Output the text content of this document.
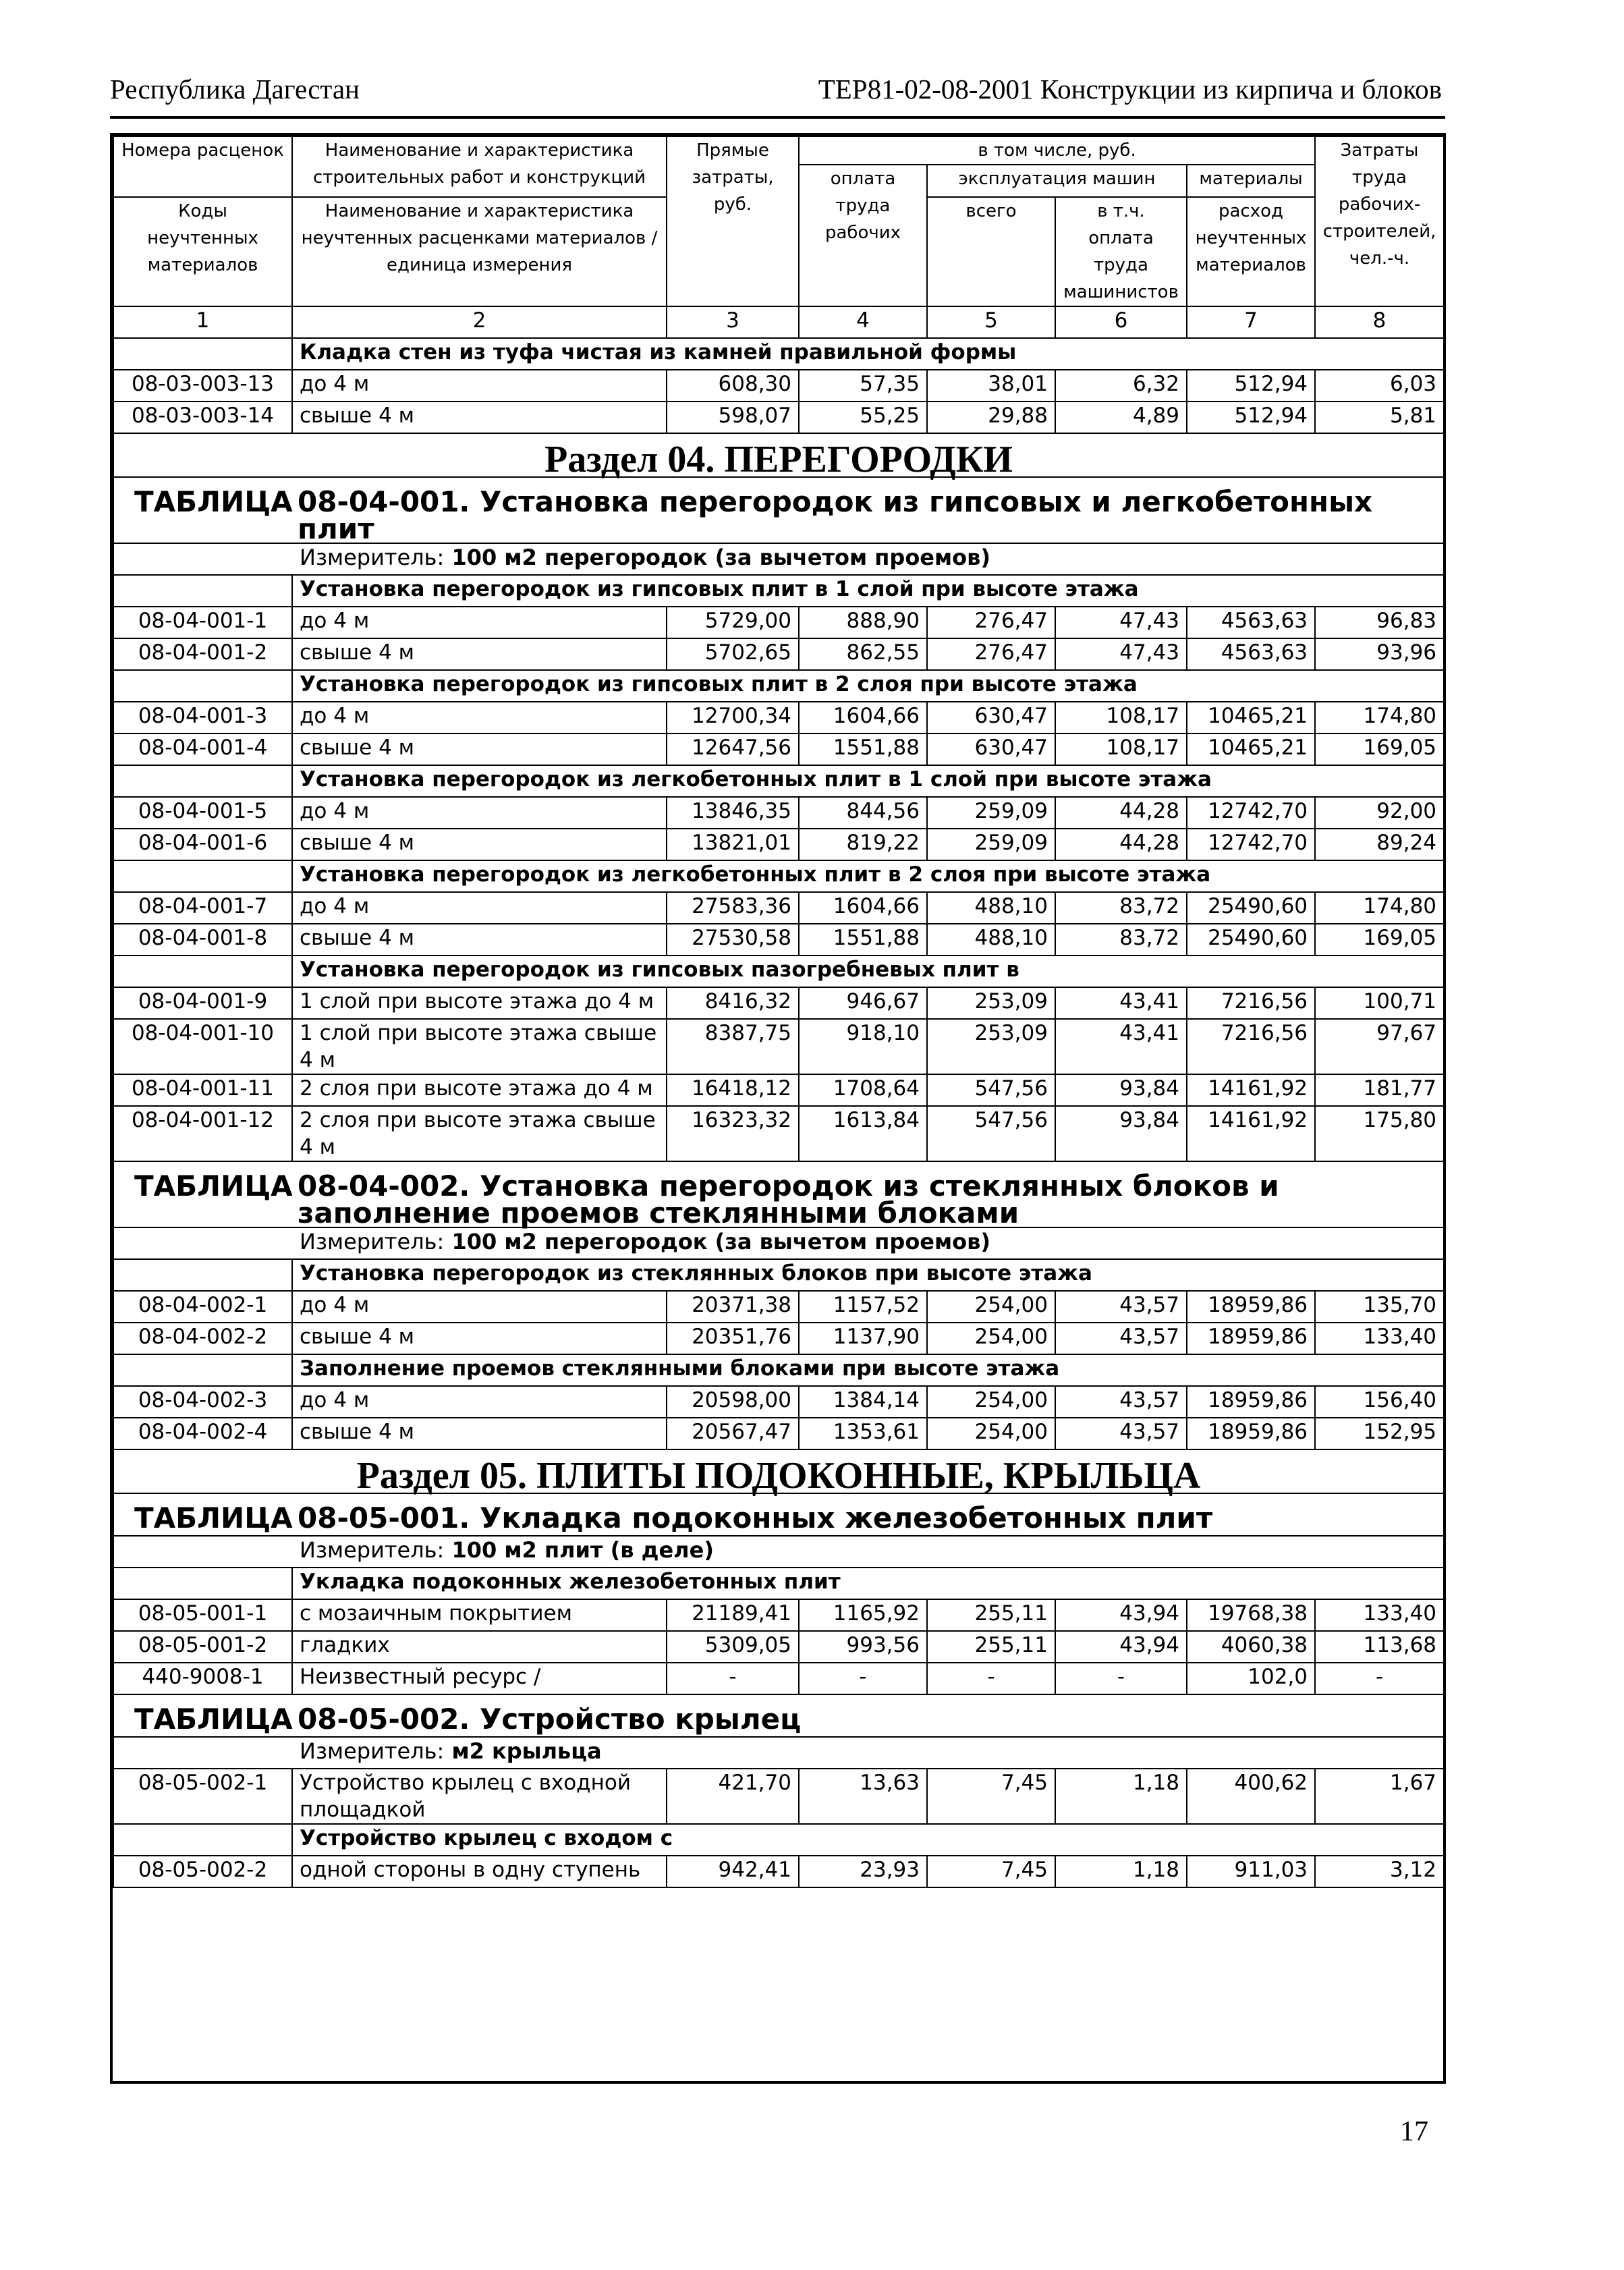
Республика Дагестан	ТЕР81-02-08-2001 Конструкции из кирпича и блоков
Номера расценок	Наименование и характеристика строительных работ и конструкций	Прямые затраты, руб.	в том числе, руб.				Затраты труда рабочих-строителей, чел.-ч.
			оплата труда рабочих	эксплуатация машин		материалы	
Коды неучтенных материалов	Наименование и характеристика неучтенных расценками материалов / единица измерения			всего	в т.ч. оплата труда машинистов	расход неучтенных материалов	

1	2	3	4	5	6	7	8
	Кладка стен из туфа чистая из камней правильной формы						
08-03-003-13	до 4 м	608,30	57,35	38,01	6,32	512,94	6,03
08-03-003-14	свыше 4 м	598,07	55,25	29,88	4,89	512,94	5,81
Раздел 04. ПЕРЕГОРОДКИ							
ТАБЛИЦА 08-04-001. Установка перегородок из гипсовых и легкобетонных плит							
Измеритель: 100 м2 перегородок (за вычетом проемов)							
	Установка перегородок из гипсовых плит в 1 слой при высоте этажа						
08-04-001-1	до 4 м	5729,00	888,90	276,47	47,43	4563,63	96,83
08-04-001-2	свыше 4 м	5702,65	862,55	276,47	47,43	4563,63	93,96
	Установка перегородок из гипсовых плит в 2 слоя при высоте этажа						
08-04-001-3	до 4 м	12700,34	1604,66	630,47	108,17	10465,21	174,80
08-04-001-4	свыше 4 м	12647,56	1551,88	630,47	108,17	10465,21	169,05
	Установка перегородок из легкобетонных плит в 1 слой при высоте этажа						
08-04-001-5	до 4 м	13846,35	844,56	259,09	44,28	12742,70	92,00
08-04-001-6	свыше 4 м	13821,01	819,22	259,09	44,28	12742,70	89,24
	Установка перегородок из легкобетонных плит в 2 слоя при высоте этажа						
08-04-001-7	до 4 м	27583,36	1604,66	488,10	83,72	25490,60	174,80
08-04-001-8	свыше 4 м	27530,58	1551,88	488,10	83,72	25490,60	169,05
	Установка перегородок из гипсовых пазогребневых плит в						
08-04-001-9	1 слой при высоте этажа до 4 м	8416,32	946,67	253,09	43,41	7216,56	100,71
08-04-001-10	1 слой при высоте этажа свыше 4 м	8387,75	918,10	253,09	43,41	7216,56	97,67
08-04-001-11	2 слоя при высоте этажа до 4 м	16418,12	1708,64	547,56	93,84	14161,92	181,77
08-04-001-12	2 слоя при высоте этажа свыше 4 м	16323,32	1613,84	547,56	93,84	14161,92	175,80
ТАБЛИЦА 08-04-002. Установка перегородок из стеклянных блоков и заполнение проемов стеклянными блоками							
Измеритель: 100 м2 перегородок (за вычетом проемов)							
	Установка перегородок из стеклянных блоков при высоте этажа						
08-04-002-1	до 4 м	20371,38	1157,52	254,00	43,57	18959,86	135,70
08-04-002-2	свыше 4 м	20351,76	1137,90	254,00	43,57	18959,86	133,40
	Заполнение проемов стеклянными блоками при высоте этажа						
08-04-002-3	до 4 м	20598,00	1384,14	254,00	43,57	18959,86	156,40
08-04-002-4	свыше 4 м	20567,47	1353,61	254,00	43,57	18959,86	152,95
Раздел 05. ПЛИТЫ ПОДОКОННЫЕ, КРЫЛЬЦА							
ТАБЛИЦА 08-05-001. Укладка подоконных железобетонных плит							
Измеритель: 100 м2 плит (в деле)							
	Укладка подоконных железобетонных плит						
08-05-001-1	с мозаичным покрытием	21189,41	1165,92	255,11	43,94	19768,38	133,40
08-05-001-2	гладких	5309,05	993,56	255,11	43,94	4060,38	113,68
440-9008-1	Неизвестный ресурс /	-	-	-	-	102,0	-
ТАБЛИЦА 08-05-002. Устройство крылец							
Измеритель: м2 крыльца							
08-05-002-1	Устройство крылец с входной площадкой	421,70	13,63	7,45	1,18	400,62	1,67
	Устройство крылец с входом с						
08-05-002-2	одной стороны в одну ступень	942,41	23,93	7,45	1,18	911,03	3,12
17
